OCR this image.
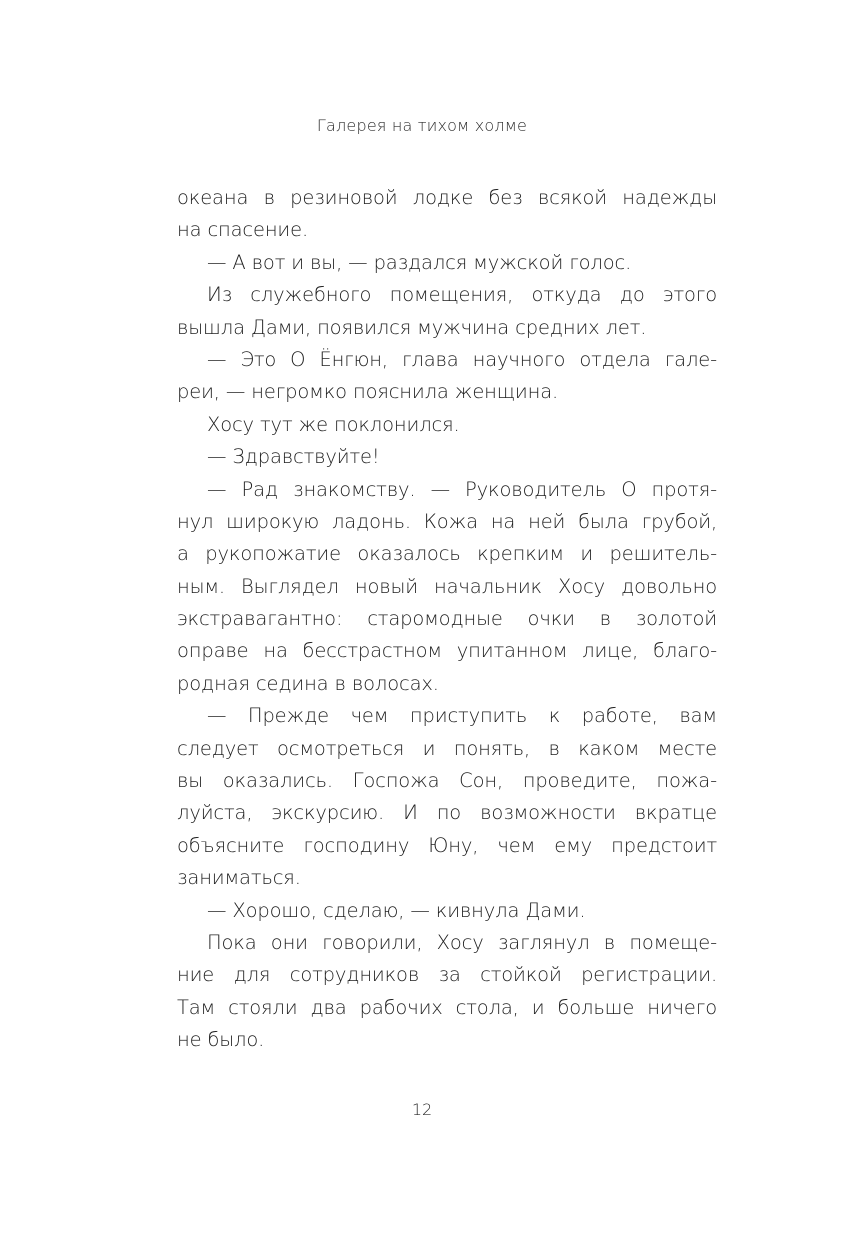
Галерея на тихом холме
океана в резиновой лодке без всякой надежды
на спасение.
— А вот и вы, — раздался мужской голос.
Из служебного помещения, откуда до этого
вышла Дами, появился мужчина средних лет.
— Это О Ёнгюн, глава научного отдела гале-
реи, — негромко пояснила женщина.
Хосу тут же поклонился.
— Здравствуйте!
— Рад знакомству. — Руководитель О протя-
нул широкую ладонь. Кожа на ней была грубой,
а рукопожатие оказалось крепким и решитель-
ным. Выглядел новый начальник Хосу довольно
экстравагантно: старомодные очки в золотой
оправе на бесстрастном упитанном лице, благо-
родная седина в волосах.
— Прежде чем приступить к работе, вам
следует осмотреться и понять, в каком месте
вы оказались. Госпожа Сон, проведите, пожа-
луйста, экскурсию. И по возможности вкратце
объясните господину Юну, чем ему предстоит
заниматься.
— Хорошо, сделаю, — кивнула Дами.
Пока они говорили, Хосу заглянул в помеще-
ние для сотрудников за стойкой регистрации.
Там стояли два рабочих стола, и больше ничего
не было.
12
